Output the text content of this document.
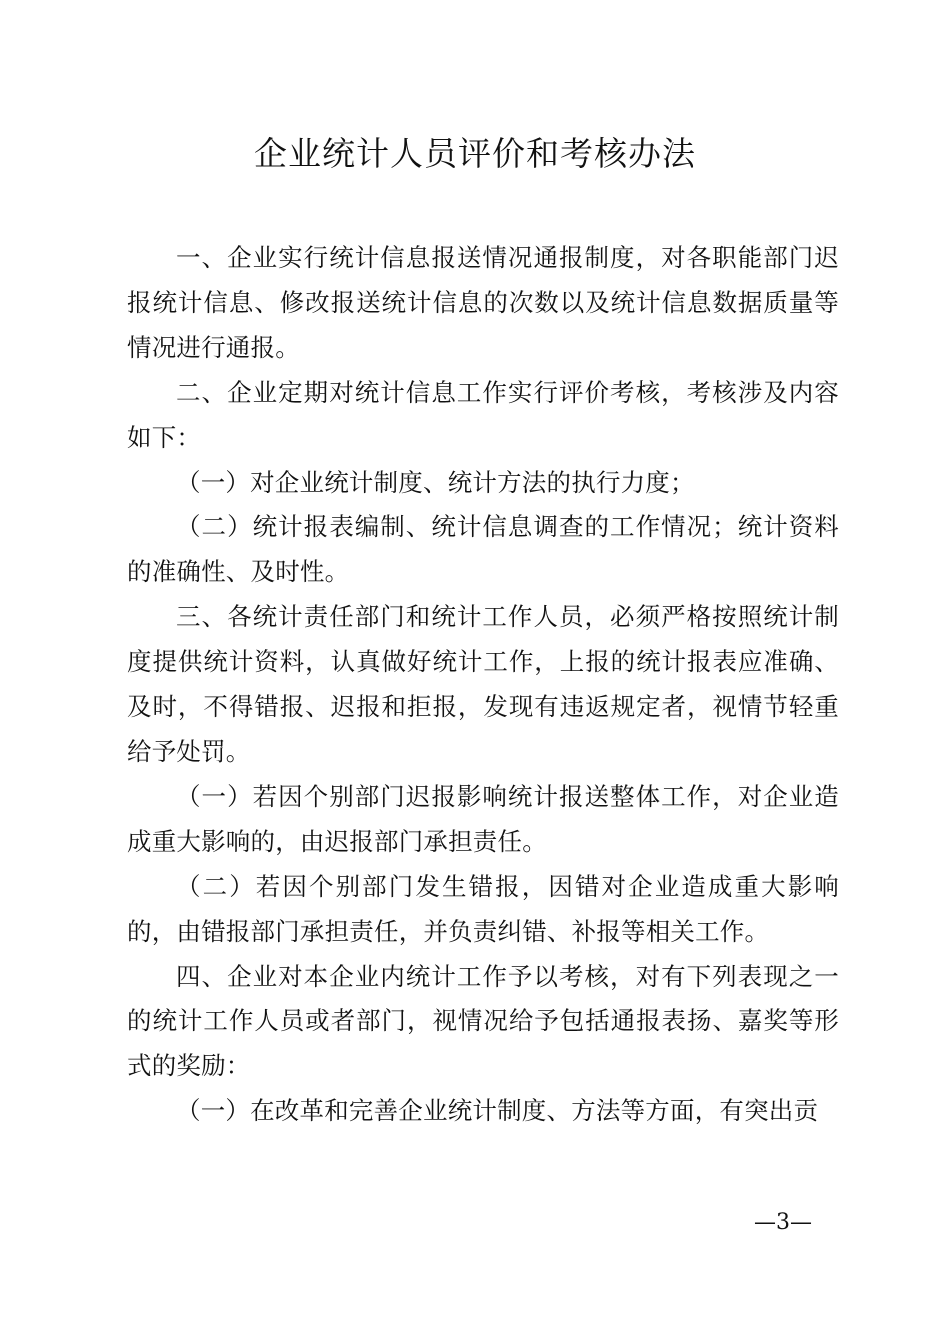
企业统计人员评价和考核办法

一、企业实行统计信息报送情况通报制度，对各职能部门迟报统计信息、修改报送统计信息的次数以及统计信息数据质量等情况进行通报。

二、企业定期对统计信息工作实行评价考核，考核涉及内容如下：

（一）对企业统计制度、统计方法的执行力度；

（二）统计报表编制、统计信息调查的工作情况；统计资料的准确性、及时性。

三、各统计责任部门和统计工作人员，必须严格按照统计制度提供统计资料，认真做好统计工作，上报的统计报表应准确、及时，不得错报、迟报和拒报，发现有违返规定者，视情节轻重给予处罚。

（一）若因个别部门迟报影响统计报送整体工作，对企业造成重大影响的，由迟报部门承担责任。

（二）若因个别部门发生错报，因错对企业造成重大影响的，由错报部门承担责任，并负责纠错、补报等相关工作。

四、企业对本企业内统计工作予以考核，对有下列表现之一的统计工作人员或者部门，视情况给予包括通报表扬、嘉奖等形式的奖励：

（一）在改革和完善企业统计制度、方法等方面，有突出贡

—3—
